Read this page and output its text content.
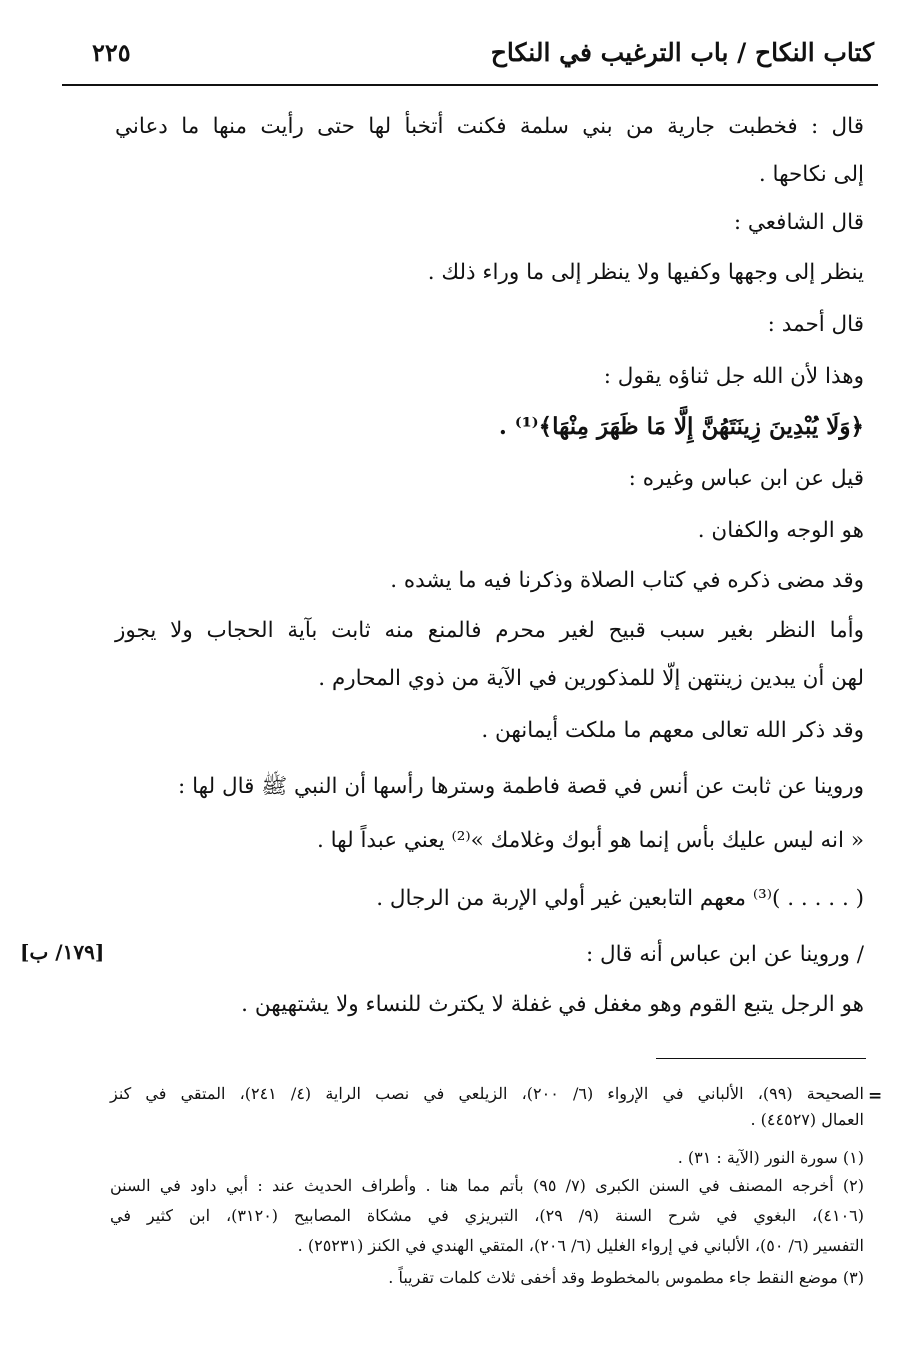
كتاب النكاح / باب الترغيب في النكاح
٢٢٥
قال : فخطبت جارية من بني سلمة فكنت أتخبأ لها حتى رأيت منها ما دعاني
إلى نكاحها .
قال الشافعي :
ينظر إلى وجهها وكفيها ولا ينظر إلى ما وراء ذلك .
قال أحمد :
وهذا لأن الله جل ثناؤه يقول :
﴿وَلَا يُبْدِينَ زِينَتَهُنَّ إِلَّا مَا ظَهَرَ مِنْهَا﴾⁽¹⁾ .
قيل عن ابن عباس وغيره :
هو الوجه والكفان .
وقد مضى ذكره في كتاب الصلاة وذكرنا فيه ما يشده .
وأما النظر بغير سبب قبيح لغير محرم فالمنع منه ثابت بآية الحجاب ولا يجوز
لهن أن يبدين زينتهن إلّا للمذكورين في الآية من ذوي المحارم .
وقد ذكر الله تعالى معهم ما ملكت أيمانهن .
وروينا عن ثابت عن أنس في قصة فاطمة وسترها رأسها أن النبي ﷺ قال لها :
« انه ليس عليك بأس إنما هو أبوك وغلامك »⁽²⁾ يعني عبداً لها .
( . . . . . )⁽³⁾ معهم التابعين غير أولي الإربة من الرجال .
/ وروينا عن ابن عباس أنه قال :
هو الرجل يتبع القوم وهو مغفل في غفلة لا يكترث للنساء ولا يشتهيهن .
[١٧٩/ ب]
=
الصحيحة (٩٩)، الألباني في الإرواء (٦/ ٢٠٠)، الزيلعي في نصب الراية (٤/ ٢٤١)، المتقي في كنز
العمال (٤٤٥٢٧) .
(١) سورة النور (الآية : ٣١) .
(٢) أخرجه المصنف في السنن الكبرى (٧/ ٩٥) بأتم مما هنا . وأطراف الحديث عند : أبي داود في السنن
(٤١٠٦)، البغوي في شرح السنة (٩/ ٢٩)، التبريزي في مشكاة المصابيح (٣١٢٠)، ابن كثير في
التفسير (٦/ ٥٠)، الألباني في إرواء الغليل (٦/ ٢٠٦)، المتقي الهندي في الكنز (٢٥٢٣١) .
(٣) موضع النقط جاء مطموس بالمخطوط وقد أخفى ثلاث كلمات تقريباً .
